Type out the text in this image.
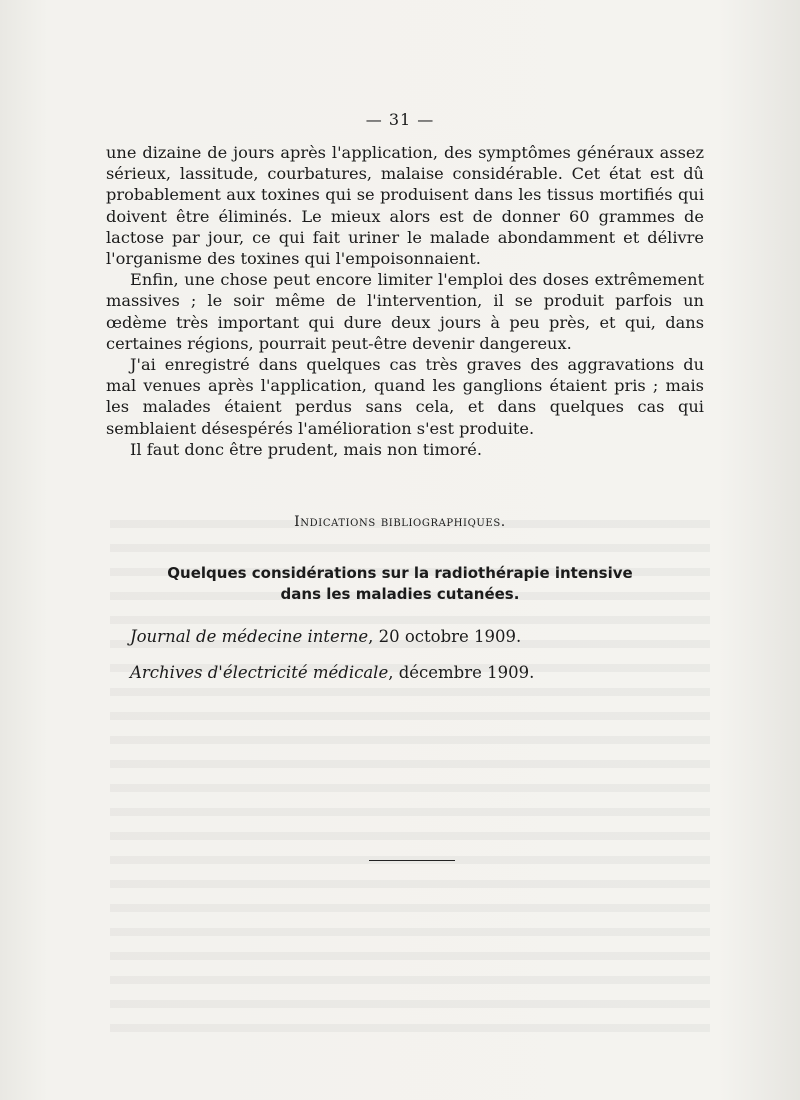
— 31 —

une dizaine de jours après l'application, des symptômes généraux assez sérieux, lassitude, courbatures, malaise considérable. Cet état est dû probablement aux toxines qui se produisent dans les tissus mortifiés qui doivent être éliminés. Le mieux alors est de donner 60 grammes de lactose par jour, ce qui fait uriner le malade abondamment et délivre l'organisme des toxines qui l'empoisonnaient.

Enfin, une chose peut encore limiter l'emploi des doses extrêmement massives ; le soir même de l'intervention, il se produit parfois un œdème très important qui dure deux jours à peu près, et qui, dans certaines régions, pourrait peut-être devenir dangereux.

J'ai enregistré dans quelques cas très graves des aggravations du mal venues après l'application, quand les ganglions étaient pris ; mais les malades étaient perdus sans cela, et dans quelques cas qui semblaient désespérés l'amélioration s'est produite.

Il faut donc être prudent, mais non timoré.

Indications bibliographiques.
Quelques considérations sur la radiothérapie intensive
dans les maladies cutanées.
Journal de médecine interne, 20 octobre 1909.
Archives d'électricité médicale, décembre 1909.
